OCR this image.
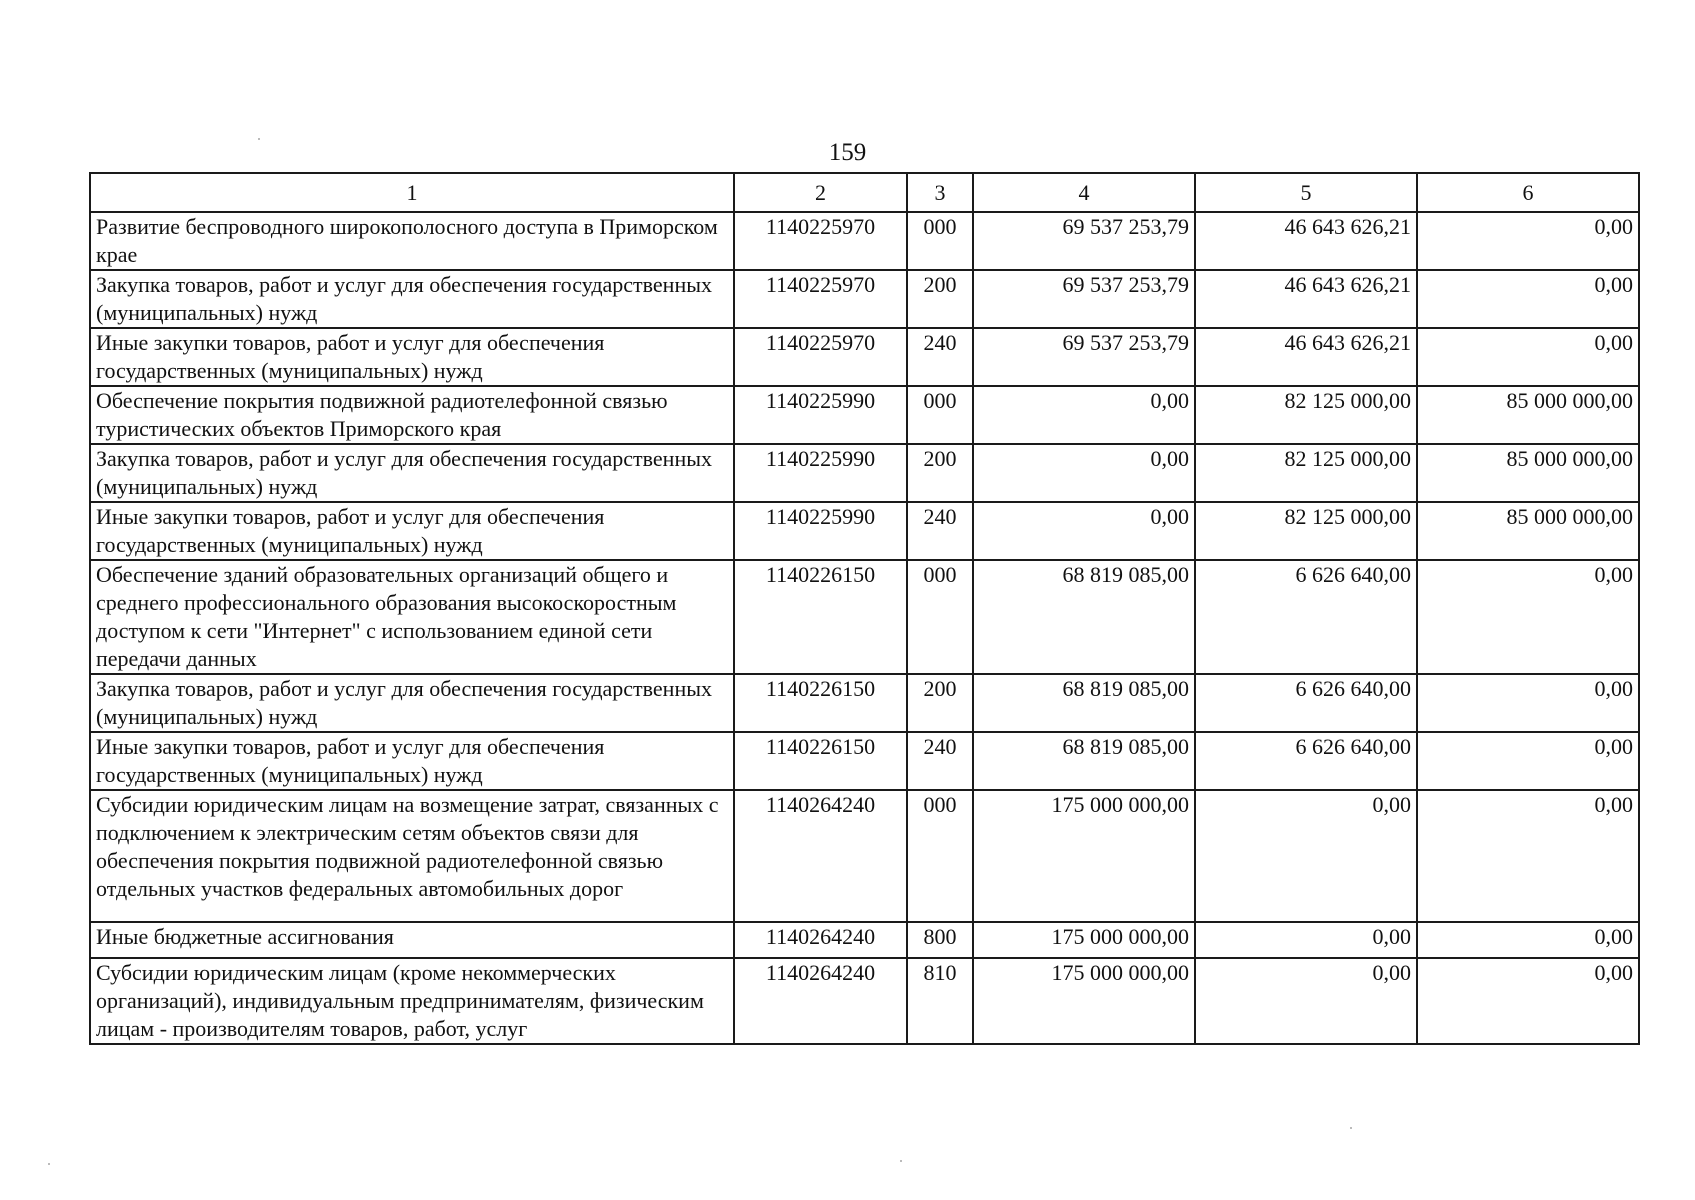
159
1	2	3	4	5	6
Развитие беспроводного широкополосного доступа в Приморском крае	1140225970	000	69 537 253,79	46 643 626,21	0,00
Закупка товаров, работ и услуг для обеспечения государственных (муниципальных) нужд	1140225970	200	69 537 253,79	46 643 626,21	0,00
Иные закупки товаров, работ и услуг для обеспечения государственных (муниципальных) нужд	1140225970	240	69 537 253,79	46 643 626,21	0,00
Обеспечение покрытия подвижной радиотелефонной связью туристических объектов Приморского края	1140225990	000	0,00	82 125 000,00	85 000 000,00
Закупка товаров, работ и услуг для обеспечения государственных (муниципальных) нужд	1140225990	200	0,00	82 125 000,00	85 000 000,00
Иные закупки товаров, работ и услуг для обеспечения государственных (муниципальных) нужд	1140225990	240	0,00	82 125 000,00	85 000 000,00
Обеспечение зданий образовательных организаций общего и среднего профессионального образования высокоскоростным доступом к сети "Интернет" с использованием единой сети передачи данных	1140226150	000	68 819 085,00	6 626 640,00	0,00
Закупка товаров, работ и услуг для обеспечения государственных (муниципальных) нужд	1140226150	200	68 819 085,00	6 626 640,00	0,00
Иные закупки товаров, работ и услуг для обеспечения государственных (муниципальных) нужд	1140226150	240	68 819 085,00	6 626 640,00	0,00
Субсидии юридическим лицам на возмещение затрат, связанных с подключением к электрическим сетям объектов связи для обеспечения покрытия подвижной радиотелефонной связью отдельных участков федеральных автомобильных дорог	1140264240	000	175 000 000,00	0,00	0,00
Иные бюджетные ассигнования	1140264240	800	175 000 000,00	0,00	0,00
Субсидии юридическим лицам (кроме некоммерческих организаций), индивидуальным предпринимателям, физическим лицам - производителям товаров, работ, услуг	1140264240	810	175 000 000,00	0,00	0,00
